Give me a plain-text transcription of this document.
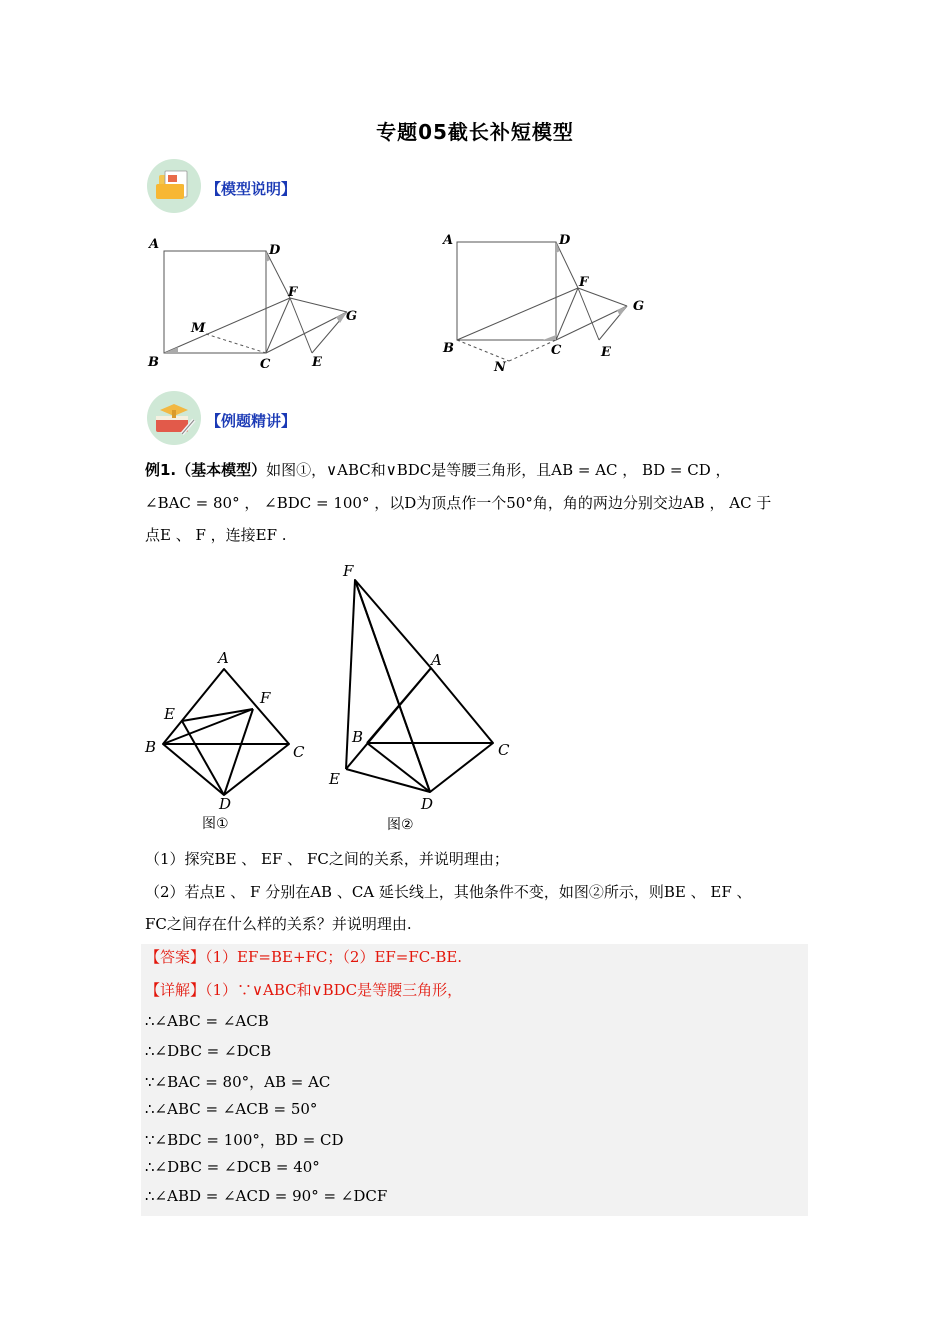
专题05截长补短模型
【模型说明】
A	D
F
G
M
B	C	E
A	D
F
G
B	C	E
N
【例题精讲】
例1.（基本模型）如图①，∨ABC和∨BDC是等腰三角形，且AB = AC ， BD = CD ，
∠BAC = 80° ， ∠BDC = 100° ，以D为顶点作一个50°角，角的两边分别交边AB ， AC 于
点E 、 F ，连接EF .
A
E
F
B	C
D
图①
F
A
B
C
E
D
图②
（1）探究BE 、 EF 、 FC之间的关系，并说明理由；
（2）若点E 、 F 分别在AB 、CA 延长线上，其他条件不变，如图②所示，则BE 、 EF 、
FC之间存在什么样的关系？并说明理由.
【答案】（1）EF=BE+FC；（2）EF=FC-BE.
【详解】（1）∵∨ABC和∨BDC是等腰三角形，
∴∠ABC = ∠ACB
∴∠DBC = ∠DCB
∵∠BAC = 80°，AB = AC
∴∠ABC = ∠ACB = 50°
∵∠BDC = 100°，BD = CD
∴∠DBC = ∠DCB = 40°
∴∠ABD = ∠ACD = 90° = ∠DCF
